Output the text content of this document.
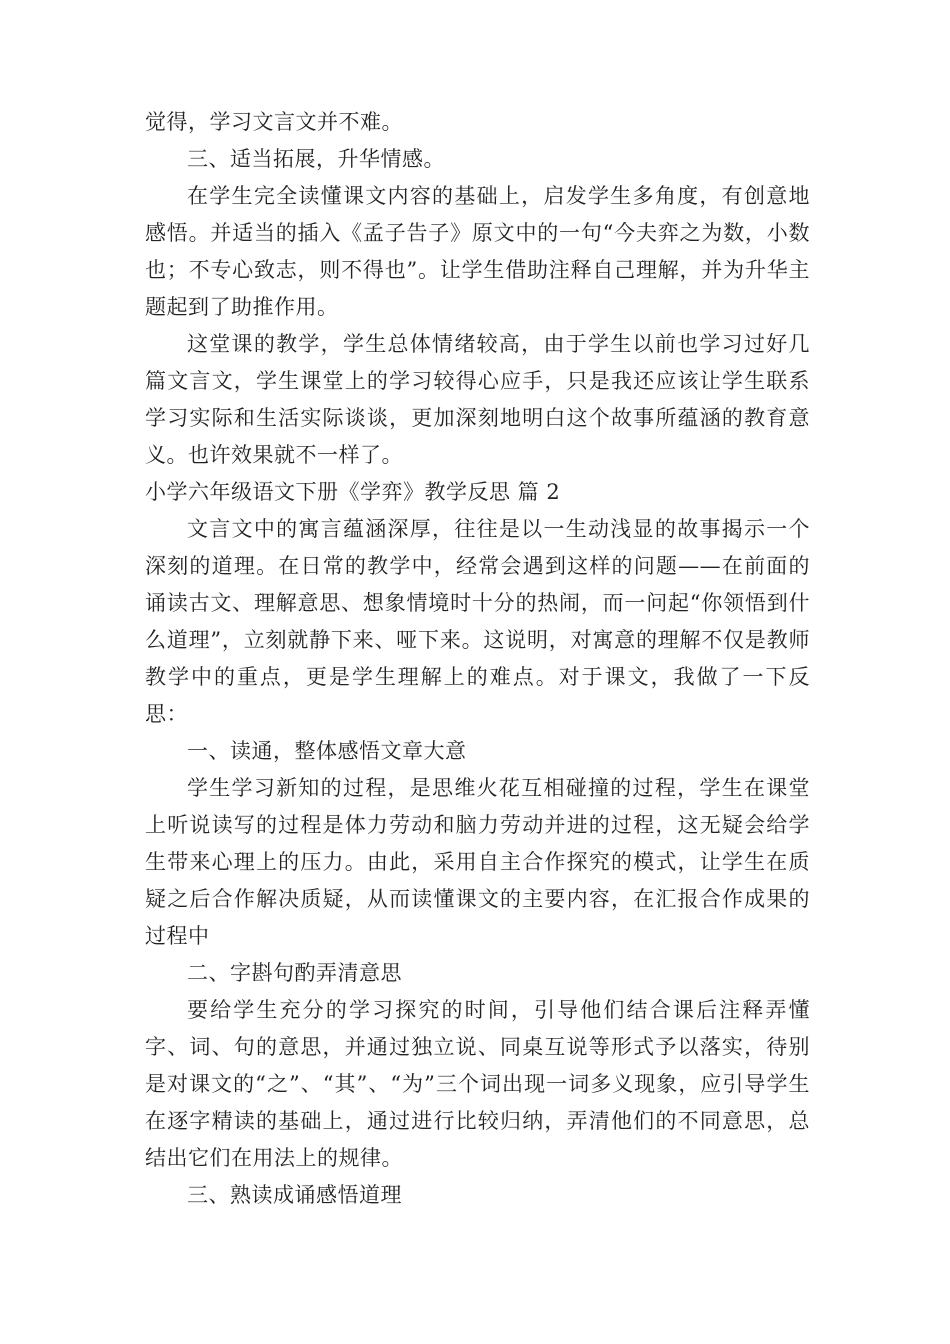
觉得，学习文言文并不难。

三、适当拓展，升华情感。

在学生完全读懂课文内容的基础上，启发学生多角度，有创意地感悟。并适当的插入《孟子告子》原文中的一句“今夫弈之为数，小数也；不专心致志，则不得也”。让学生借助注释自己理解，并为升华主题起到了助推作用。

这堂课的教学，学生总体情绪较高，由于学生以前也学习过好几篇文言文，学生课堂上的学习较得心应手，只是我还应该让学生联系学习实际和生活实际谈谈，更加深刻地明白这个故事所蕴涵的教育意义。也许效果就不一样了。

小学六年级语文下册《学弈》教学反思 篇 2

文言文中的寓言蕴涵深厚，往往是以一生动浅显的故事揭示一个深刻的道理。在日常的教学中，经常会遇到这样的问题——在前面的诵读古文、理解意思、想象情境时十分的热闹，而一问起“你领悟到什么道理”，立刻就静下来、哑下来。这说明，对寓意的理解不仅是教师教学中的重点，更是学生理解上的难点。对于课文，我做了一下反思：

一、读通，整体感悟文章大意

学生学习新知的过程，是思维火花互相碰撞的过程，学生在课堂上听说读写的过程是体力劳动和脑力劳动并进的过程，这无疑会给学生带来心理上的压力。由此，采用自主合作探究的模式，让学生在质疑之后合作解决质疑，从而读懂课文的主要内容，在汇报合作成果的过程中

二、字斟句酌弄清意思

要给学生充分的学习探究的时间，引导他们结合课后注释弄懂字、词、句的意思，并通过独立说、同桌互说等形式予以落实，待别是对课文的“之”、“其”、“为”三个词出现一词多义现象，应引导学生在逐字精读的基础上，通过进行比较归纳，弄清他们的不同意思，总结出它们在用法上的规律。

三、熟读成诵感悟道理
